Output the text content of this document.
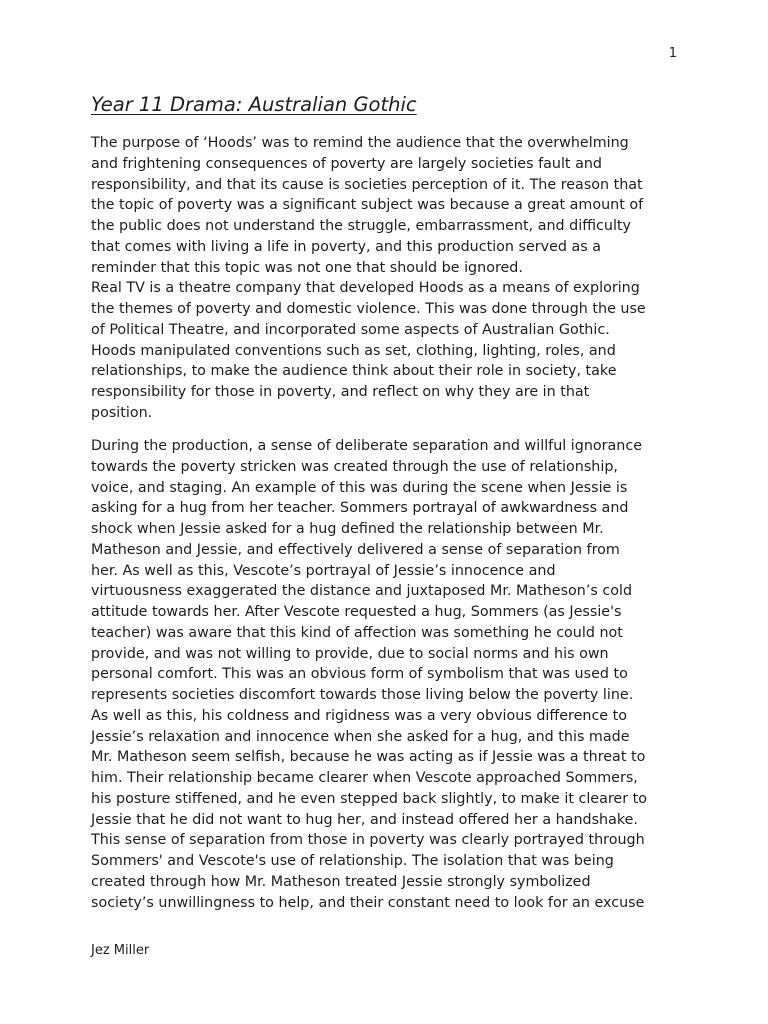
1
Year 11 Drama: Australian Gothic

The purpose of ‘Hoods’ was to remind the audience that the overwhelming

and frightening consequences of poverty are largely societies fault and

responsibility, and that its cause is societies perception of it. The reason that

the topic of poverty was a significant subject was because a great amount of

the public does not understand the struggle, embarrassment, and difficulty

that comes with living a life in poverty, and this production served as a

reminder that this topic was not one that should be ignored.

Real TV is a theatre company that developed Hoods as a means of exploring

the themes of poverty and domestic violence. This was done through the use

of Political Theatre, and incorporated some aspects of Australian Gothic.

Hoods manipulated conventions such as set, clothing, lighting, roles, and

relationships, to make the audience think about their role in society, take

responsibility for those in poverty, and reflect on why they are in that

position.

During the production, a sense of deliberate separation and willful ignorance

towards the poverty stricken was created through the use of relationship,

voice, and staging. An example of this was during the scene when Jessie is

asking for a hug from her teacher. Sommers portrayal of awkwardness and

shock when Jessie asked for a hug defined the relationship between Mr.

Matheson and Jessie, and effectively delivered a sense of separation from

her. As well as this, Vescote’s portrayal of Jessie’s innocence and

virtuousness exaggerated the distance and juxtaposed Mr. Matheson’s cold

attitude towards her. After Vescote requested a hug, Sommers (as Jessie's

teacher) was aware that this kind of affection was something he could not

provide, and was not willing to provide, due to social norms and his own

personal comfort. This was an obvious form of symbolism that was used to

represents societies discomfort towards those living below the poverty line.

As well as this, his coldness and rigidness was a very obvious difference to

Jessie’s relaxation and innocence when she asked for a hug, and this made

Mr. Matheson seem selfish, because he was acting as if Jessie was a threat to

him. Their relationship became clearer when Vescote approached Sommers,

his posture stiffened, and he even stepped back slightly, to make it clearer to

Jessie that he did not want to hug her, and instead offered her a handshake.

This sense of separation from those in poverty was clearly portrayed through

Sommers' and Vescote's use of relationship. The isolation that was being

created through how Mr. Matheson treated Jessie strongly symbolized

society’s unwillingness to help, and their constant need to look for an excuse

Jez Miller
